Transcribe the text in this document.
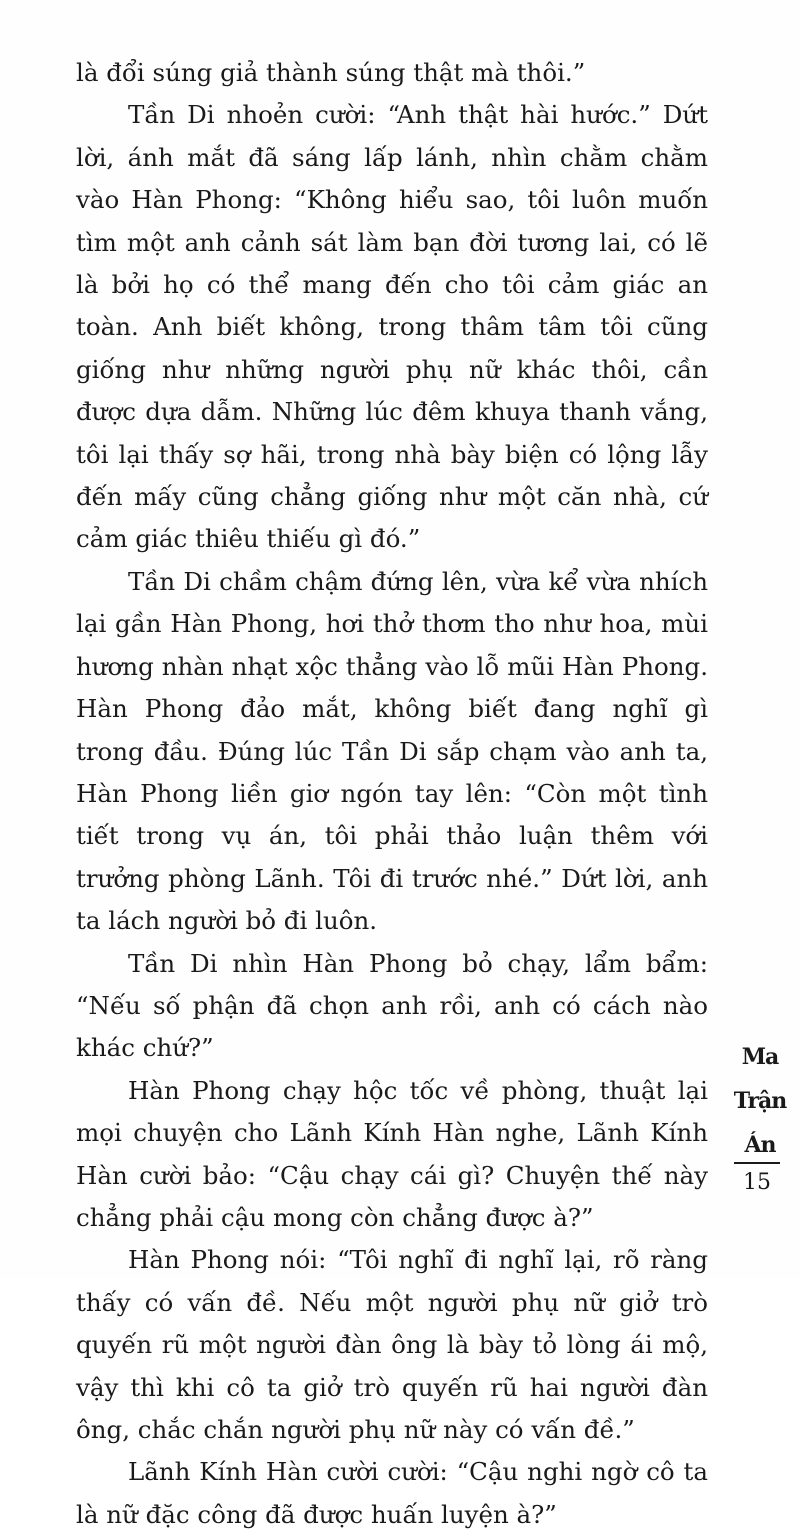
là đổi súng giả thành súng thật mà thôi.”

Tần Di nhoẻn cười: “Anh thật hài hước.” Dứt lời, ánh mắt đã sáng lấp lánh, nhìn chằm chằm vào Hàn Phong: “Không hiểu sao, tôi luôn muốn tìm một anh cảnh sát làm bạn đời tương lai, có lẽ là bởi họ có thể mang đến cho tôi cảm giác an toàn. Anh biết không, trong thâm tâm tôi cũng giống như những người phụ nữ khác thôi, cần được dựa dẫm. Những lúc đêm khuya thanh vắng, tôi lại thấy sợ hãi, trong nhà bày biện có lộng lẫy đến mấy cũng chẳng giống như một căn nhà, cứ cảm giác thiêu thiếu gì đó.”

Tần Di chầm chậm đứng lên, vừa kể vừa nhích lại gần Hàn Phong, hơi thở thơm tho như hoa, mùi hương nhàn nhạt xộc thẳng vào lỗ mũi Hàn Phong. Hàn Phong đảo mắt, không biết đang nghĩ gì trong đầu. Đúng lúc Tần Di sắp chạm vào anh ta, Hàn Phong liền giơ ngón tay lên: “Còn một tình tiết trong vụ án, tôi phải thảo luận thêm với trưởng phòng Lãnh. Tôi đi trước nhé.” Dứt lời, anh ta lách người bỏ đi luôn.

Tần Di nhìn Hàn Phong bỏ chạy, lẩm bẩm: “Nếu số phận đã chọn anh rồi, anh có cách nào khác chứ?”

Hàn Phong chạy hộc tốc về phòng, thuật lại mọi chuyện cho Lãnh Kính Hàn nghe, Lãnh Kính Hàn cười bảo: “Cậu chạy cái gì? Chuyện thế này chẳng phải cậu mong còn chẳng được à?”

Hàn Phong nói: “Tôi nghĩ đi nghĩ lại, rõ ràng thấy có vấn đề. Nếu một người phụ nữ giở trò quyến rũ một người đàn ông là bày tỏ lòng ái mộ, vậy thì khi cô ta giở trò quyến rũ hai người đàn ông, chắc chắn người phụ nữ này có vấn đề.”

Lãnh Kính Hàn cười cười: “Cậu nghi ngờ cô ta là nữ đặc công đã được huấn luyện à?”

Ma
Trận
Án
15
